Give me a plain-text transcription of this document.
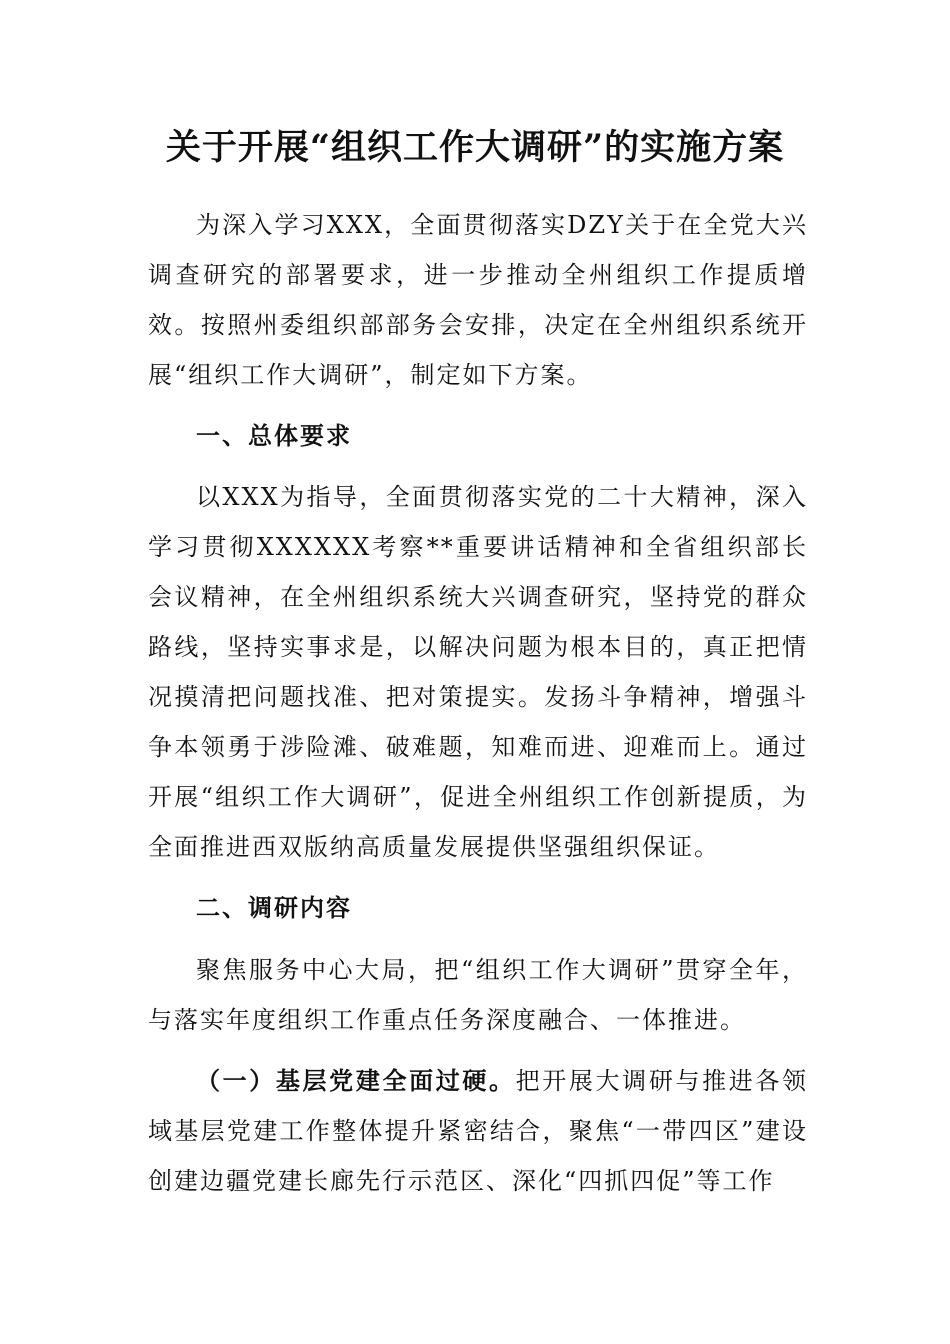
关于开展“组织工作大调研”的实施方案

为深入学习XXX，全面贯彻落实DZY关于在全党大兴调查研究的部署要求，进一步推动全州组织工作提质增效。按照州委组织部部务会安排，决定在全州组织系统开展“组织工作大调研”，制定如下方案。

一、总体要求

以XXX为指导，全面贯彻落实党的二十大精神，深入学习贯彻XXXXXX考察**重要讲话精神和全省组织部长会议精神，在全州组织系统大兴调查研究，坚持党的群众路线，坚持实事求是，以解决问题为根本目的，真正把情况摸清把问题找准、把对策提实。发扬斗争精神，增强斗争本领勇于涉险滩、破难题，知难而进、迎难而上。通过开展“组织工作大调研”，促进全州组织工作创新提质，为全面推进西双版纳高质量发展提供坚强组织保证。

二、调研内容

聚焦服务中心大局，把“组织工作大调研”贯穿全年，与落实年度组织工作重点任务深度融合、一体推进。

（一）基层党建全面过硬。把开展大调研与推进各领域基层党建工作整体提升紧密结合，聚焦“一带四区”建设创建边疆党建长廊先行示范区、深化“四抓四促”等工作
